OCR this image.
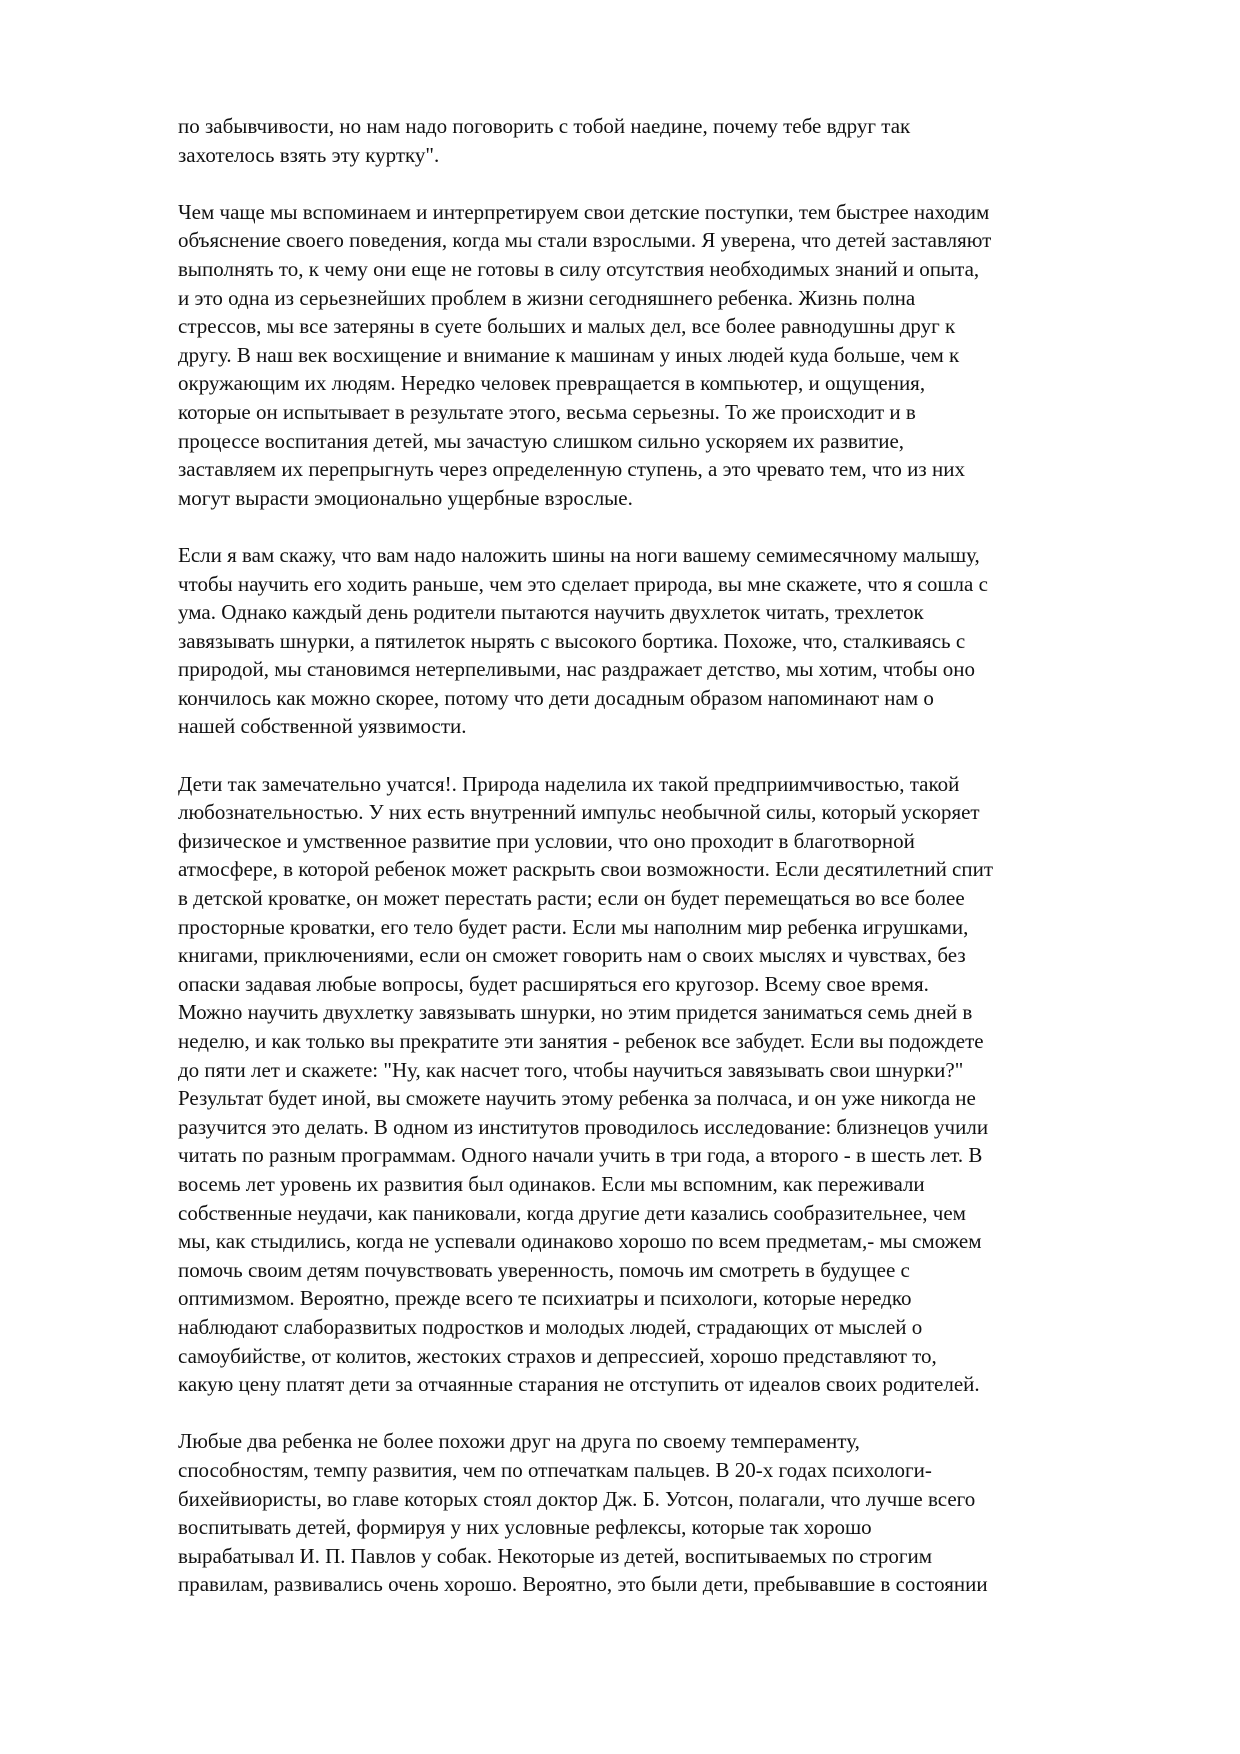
по забывчивости, но нам надо поговорить с тобой наедине, почему тебе вдруг так
захотелось взять эту куртку".
Чем чаще мы вспоминаем и интерпретируем свои детские поступки, тем быстрее находим
объяснение своего поведения, когда мы стали взрослыми. Я уверена, что детей заставляют
выполнять то, к чему они еще не готовы в силу отсутствия необходимых знаний и опыта,
и это одна из серьезнейших проблем в жизни сегодняшнего ребенка. Жизнь полна
стрессов, мы все затеряны в суете больших и малых дел, все более равнодушны друг к
другу. В наш век восхищение и внимание к машинам у иных людей куда больше, чем к
окружающим их людям. Нередко человек превращается в компьютер, и ощущения,
которые он испытывает в результате этого, весьма серьезны. То же происходит и в
процессе воспитания детей, мы зачастую слишком сильно ускоряем их развитие,
заставляем их перепрыгнуть через определенную ступень, а это чревато тем, что из них
могут вырасти эмоционально ущербные взрослые.
Если я вам скажу, что вам надо наложить шины на ноги вашему семимесячному малышу,
чтобы научить его ходить раньше, чем это сделает природа, вы мне скажете, что я сошла с
ума. Однако каждый день родители пытаются научить двухлеток читать, трехлеток
завязывать шнурки, а пятилеток нырять с высокого бортика. Похоже, что, сталкиваясь с
природой, мы становимся нетерпеливыми, нас раздражает детство, мы хотим, чтобы оно
кончилось как можно скорее, потому что дети досадным образом напоминают нам о
нашей собственной уязвимости.
Дети так замечательно учатся!. Природа наделила их такой предприимчивостью, такой
любознательностью. У них есть внутренний импульс необычной силы, который ускоряет
физическое и умственное развитие при условии, что оно проходит в благотворной
атмосфере, в которой ребенок может раскрыть свои возможности. Если десятилетний спит
в детской кроватке, он может перестать расти; если он будет перемещаться во все более
просторные кроватки, его тело будет расти. Если мы наполним мир ребенка игрушками,
книгами, приключениями, если он сможет говорить нам о своих мыслях и чувствах, без
опаски задавая любые вопросы, будет расширяться его кругозор. Всему свое время.
Можно научить двухлетку завязывать шнурки, но этим придется заниматься семь дней в
неделю, и как только вы прекратите эти занятия - ребенок все забудет. Если вы подождете
до пяти лет и скажете: "Ну, как насчет того, чтобы научиться завязывать свои шнурки?"
Результат будет иной, вы сможете научить этому ребенка за полчаса, и он уже никогда не
разучится это делать. В одном из институтов проводилось исследование: близнецов учили
читать по разным программам. Одного начали учить в три года, а второго - в шесть лет. В
восемь лет уровень их развития был одинаков. Если мы вспомним, как переживали
собственные неудачи, как паниковали, когда другие дети казались сообразительнее, чем
мы, как стыдились, когда не успевали одинаково хорошо по всем предметам,- мы сможем
помочь своим детям почувствовать уверенность, помочь им смотреть в будущее с
оптимизмом. Вероятно, прежде всего те психиатры и психологи, которые нередко
наблюдают слаборазвитых подростков и молодых людей, страдающих от мыслей о
самоубийстве, от колитов, жестоких страхов и депрессией, хорошо представляют то,
какую цену платят дети за отчаянные старания не отступить от идеалов своих родителей.
Любые два ребенка не более похожи друг на друга по своему темпераменту,
способностям, темпу развития, чем по отпечаткам пальцев. В 20-х годах психологи-
бихейвиористы, во главе которых стоял доктор Дж. Б. Уотсон, полагали, что лучше всего
воспитывать детей, формируя у них условные рефлексы, которые так хорошо
вырабатывал И. П. Павлов у собак. Некоторые из детей, воспитываемых по строгим
правилам, развивались очень хорошо. Вероятно, это были дети, пребывавшие в состоянии
